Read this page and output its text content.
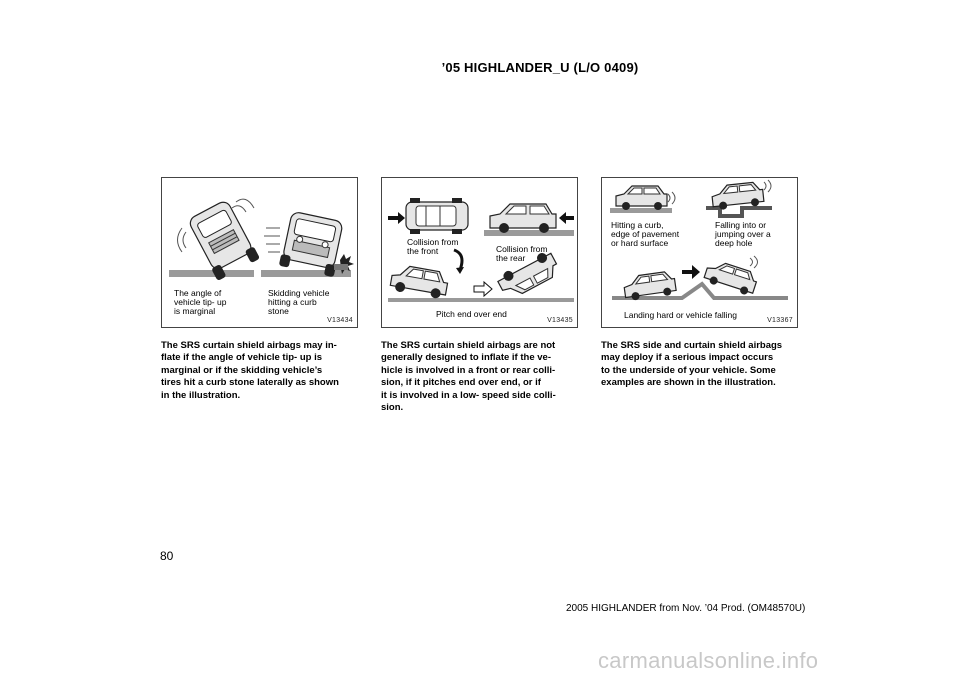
’05 HIGHLANDER_U (L/O 0409)
The angle of
vehicle tip- up
is marginal
Skidding vehicle
hitting a curb
stone
V13434
Collision from
the front	Collision from
the rear
Pitch end over end
V13435
Hitting a curb,
edge of pavement
or hard surface
Falling into or
jumping over a
deep hole
Landing hard or vehicle falling
V13367
The SRS curtain shield airbags may in-
flate if the angle of vehicle tip- up is
marginal or if the skidding vehicle’s
tires hit a curb stone laterally as shown
in the illustration.
The SRS curtain shield airbags are not
generally designed to inflate if the ve-
hicle is involved in a front or rear colli-
sion, if it pitches end over end, or if
it is involved in a low- speed side colli-
sion.
The SRS side and curtain shield airbags
may deploy if a serious impact occurs
to the underside of your vehicle. Some
examples are shown in the illustration.
80
2005 HIGHLANDER from Nov. ’04 Prod. (OM48570U)
carmanualsonline.info
